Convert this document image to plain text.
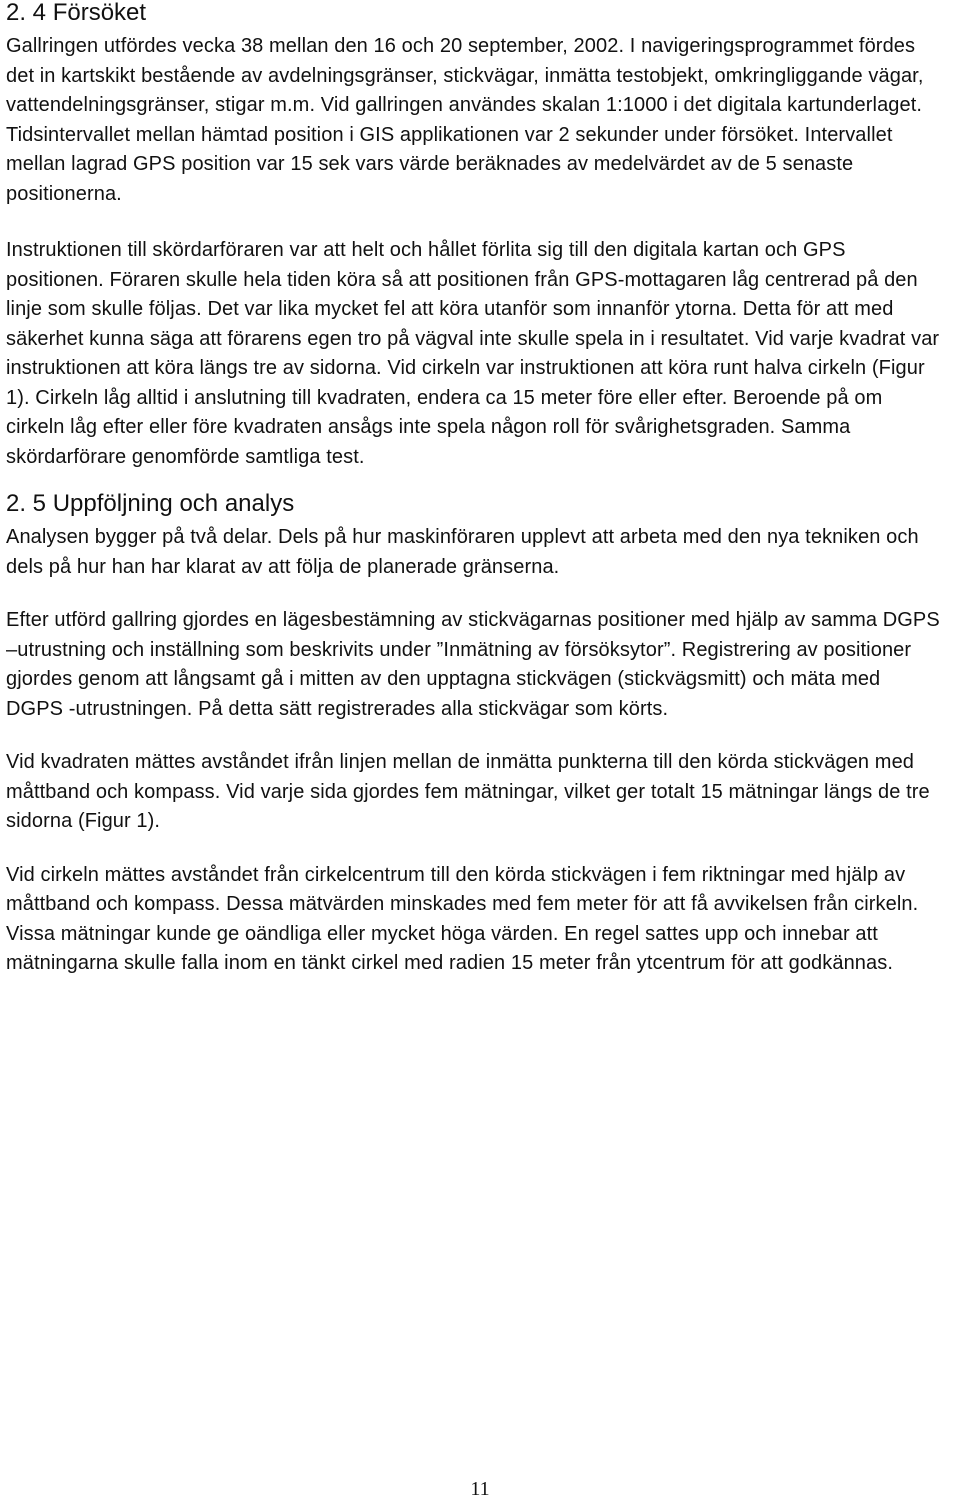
2. 4 Försöket

Gallringen utfördes vecka 38 mellan den 16 och 20 september, 2002. I navigeringsprogrammet fördes det in kartskikt bestående av avdelningsgränser, stickvägar, inmätta testobjekt, omkringliggande vägar, vattendelningsgränser, stigar m.m. Vid gallringen användes skalan 1:1000 i det digitala kartunderlaget. Tidsintervallet mellan hämtad position i GIS applikationen var 2 sekunder under försöket. Intervallet mellan lagrad GPS position var 15 sek vars värde beräknades av medelvärdet av de 5 senaste positionerna.

Instruktionen till skördarföraren var att helt och hållet förlita sig till den digitala kartan och GPS positionen. Föraren skulle hela tiden köra så att positionen från GPS-mottagaren låg centrerad på den linje som skulle följas. Det var lika mycket fel att köra utanför som innanför ytorna. Detta för att med säkerhet kunna säga att förarens egen tro på vägval inte skulle spela in i resultatet. Vid varje kvadrat var instruktionen att köra längs tre av sidorna. Vid cirkeln var instruktionen att köra runt halva cirkeln (Figur 1). Cirkeln låg alltid i anslutning till kvadraten, endera ca 15 meter före eller efter. Beroende på om cirkeln låg efter eller före kvadraten ansågs inte spela någon roll för svårighetsgraden. Samma skördarförare genomförde samtliga test.

2. 5 Uppföljning och analys

Analysen bygger på två delar. Dels på hur maskinföraren upplevt att arbeta med den nya tekniken och dels på hur han har klarat av att följa de planerade gränserna.

Efter utförd gallring gjordes en lägesbestämning av stickvägarnas positioner med hjälp av samma DGPS –utrustning och inställning som beskrivits under ”Inmätning av försöksytor”. Registrering av positioner gjordes genom att långsamt gå i mitten av den upptagna stickvägen (stickvägsmitt) och mäta med DGPS -utrustningen. På detta sätt registrerades alla stickvägar som körts.

Vid kvadraten mättes avståndet ifrån linjen mellan de inmätta punkterna till den körda stickvägen med måttband och kompass. Vid varje sida gjordes fem mätningar, vilket ger totalt 15 mätningar längs de tre sidorna (Figur 1).

Vid cirkeln mättes avståndet från cirkelcentrum till den körda stickvägen i fem riktningar med hjälp av måttband och kompass. Dessa mätvärden minskades med fem meter för att få avvikelsen från cirkeln. Vissa mätningar kunde ge oändliga eller mycket höga värden. En regel sattes upp och innebar att mätningarna skulle falla inom en tänkt cirkel med radien 15 meter från ytcentrum för att godkännas.

11
